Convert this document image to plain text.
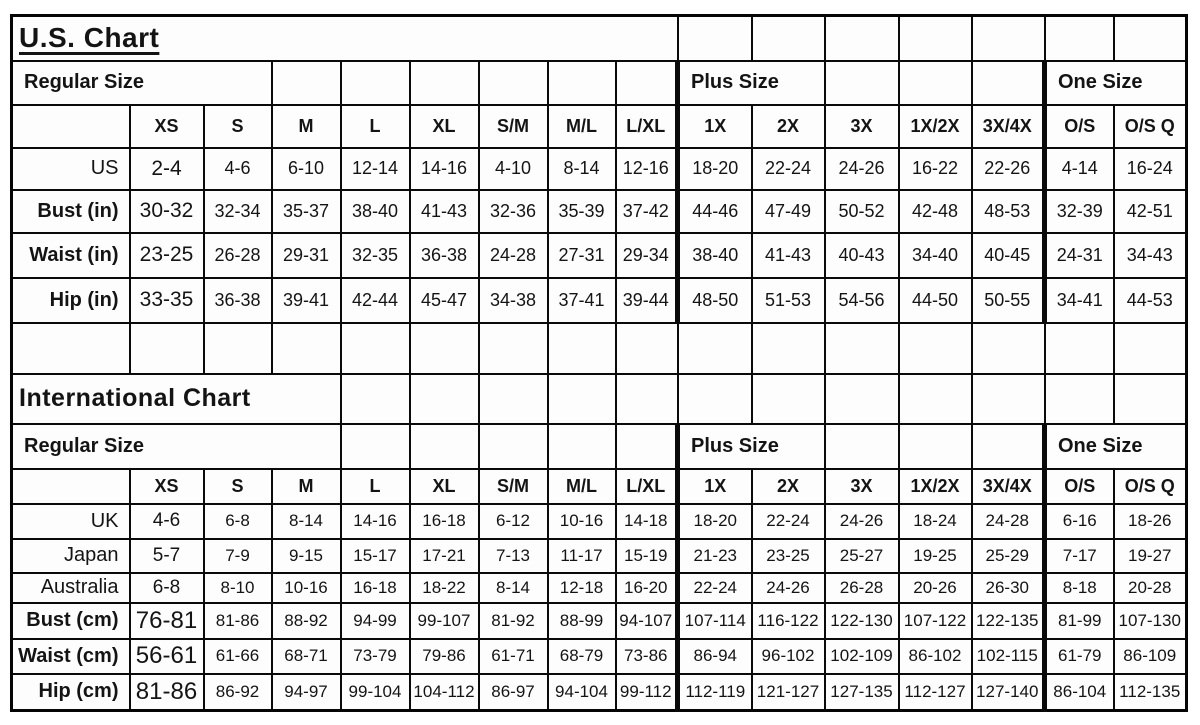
U.S. Chart															
Regular Size									Plus Size					One Size	
	XS	S	M	L	XL	S/M	M/L	L/XL	1X	2X	3X	1X/2X	3X/4X	O/S	O/S Q
US	2-4	4-6	6-10	12-14	14-16	4-10	8-14	12-16	18-20	22-24	24-26	16-22	22-26	4-14	16-24
Bust (in)	30-32	32-34	35-37	38-40	41-43	32-36	35-39	37-42	44-46	47-49	50-52	42-48	48-53	32-39	42-51
Waist (in)	23-25	26-28	29-31	32-35	36-38	24-28	27-31	29-34	38-40	41-43	40-43	34-40	40-45	24-31	34-43
Hip (in)	33-35	36-38	39-41	42-44	45-47	34-38	37-41	39-44	48-50	51-53	54-56	44-50	50-55	34-41	44-53

International Chart															
Regular Size									Plus Size					One Size	
	XS	S	M	L	XL	S/M	M/L	L/XL	1X	2X	3X	1X/2X	3X/4X	O/S	O/S Q
UK	4-6	6-8	8-14	14-16	16-18	6-12	10-16	14-18	18-20	22-24	24-26	18-24	24-28	6-16	18-26
Japan	5-7	7-9	9-15	15-17	17-21	7-13	11-17	15-19	21-23	23-25	25-27	19-25	25-29	7-17	19-27
Australia	6-8	8-10	10-16	16-18	18-22	8-14	12-18	16-20	22-24	24-26	26-28	20-26	26-30	8-18	20-28
Bust (cm)	76-81	81-86	88-92	94-99	99-107	81-92	88-99	94-107	107-114	116-122	122-130	107-122	122-135	81-99	107-130
Waist (cm)	56-61	61-66	68-71	73-79	79-86	61-71	68-79	73-86	86-94	96-102	102-109	86-102	102-115	61-79	86-109
Hip (cm)	81-86	86-92	94-97	99-104	104-112	86-97	94-104	99-112	112-119	121-127	127-135	112-127	127-140	86-104	112-135
